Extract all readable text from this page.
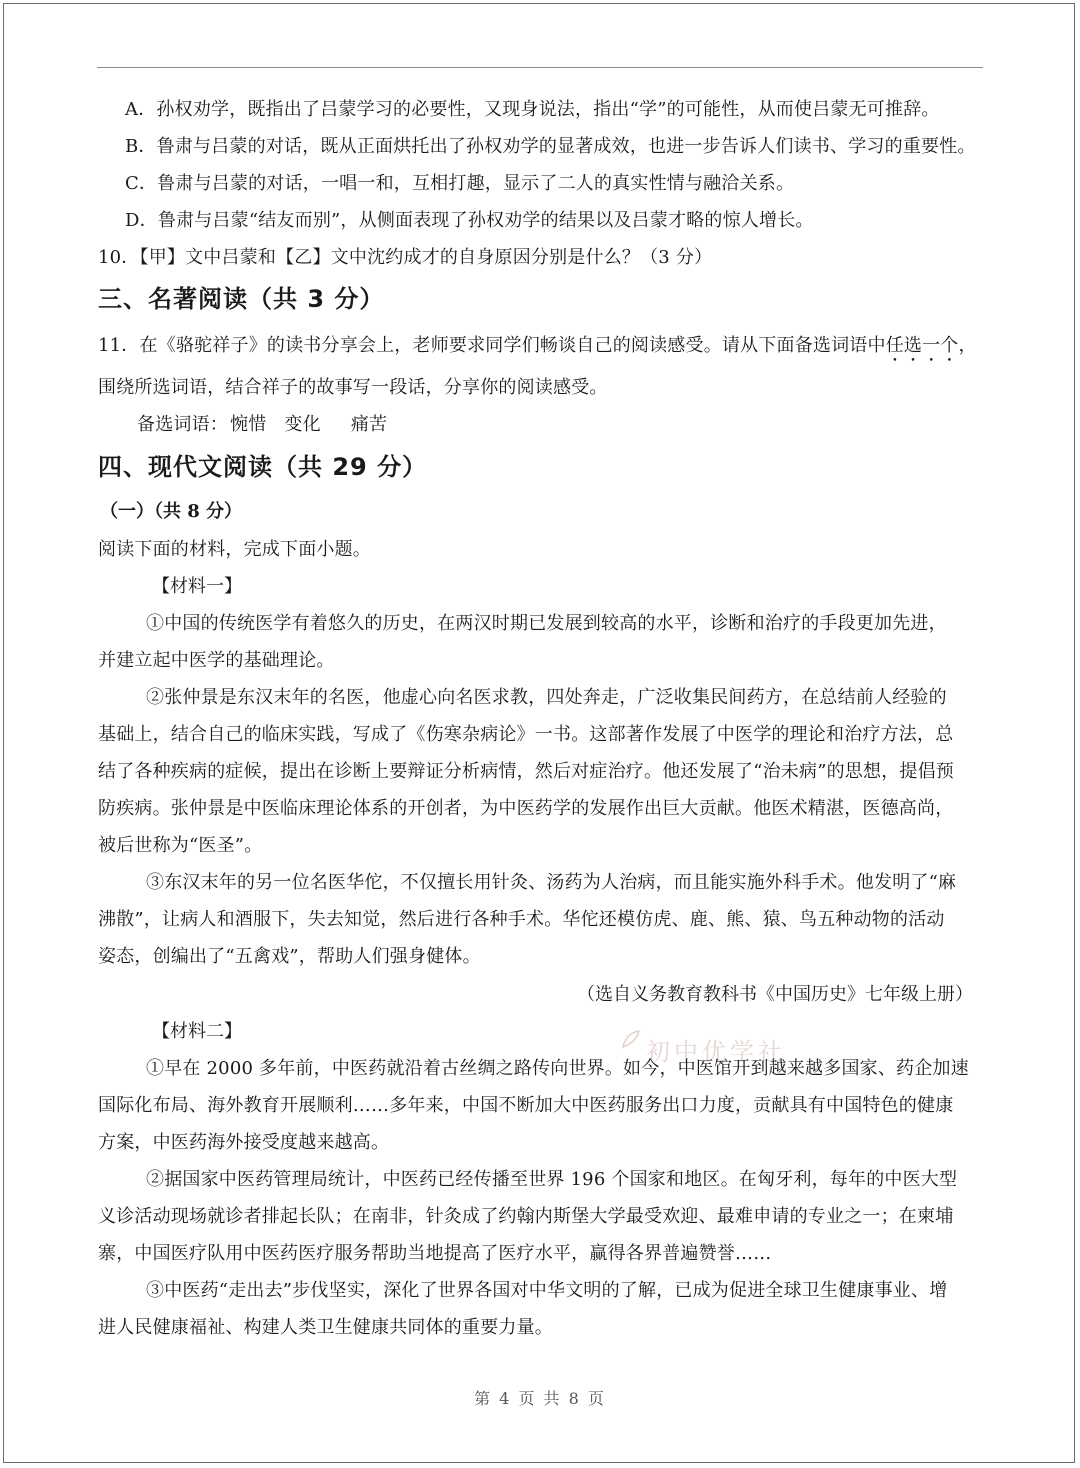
A．孙权劝学，既指出了吕蒙学习的必要性，又现身说法，指出“学”的可能性，从而使吕蒙无可推辞。
B．鲁肃与吕蒙的对话，既从正面烘托出了孙权劝学的显著成效，也进一步告诉人们读书、学习的重要性。
C．鲁肃与吕蒙的对话，一唱一和，互相打趣，显示了二人的真实性情与融洽关系。
D．鲁肃与吕蒙“结友而别”，从侧面表现了孙权劝学的结果以及吕蒙才略的惊人增长。
10．【甲】文中吕蒙和【乙】文中沈约成才的自身原因分别是什么？（3 分）
三、名著阅读（共 3 分）
11．在《骆驼祥子》的读书分享会上，老师要求同学们畅谈自己的阅读感受。请从下面备选词语中任选一个，
围绕所选词语，结合祥子的故事写一段话，分享你的阅读感受。
备选词语： 惋惜 变化 痛苦
四、现代文阅读（共 29 分）
（一）（共 8 分）
阅读下面的材料，完成下面小题。
【材料一】
①中国的传统医学有着悠久的历史，在两汉时期已发展到较高的水平，诊断和治疗的手段更加先进，
并建立起中医学的基础理论。
②张仲景是东汉末年的名医，他虚心向名医求教，四处奔走，广泛收集民间药方，在总结前人经验的
基础上，结合自己的临床实践，写成了《伤寒杂病论》一书。这部著作发展了中医学的理论和治疗方法，总
结了各种疾病的症候，提出在诊断上要辩证分析病情，然后对症治疗。他还发展了“治未病”的思想，提倡预
防疾病。张仲景是中医临床理论体系的开创者，为中医药学的发展作出巨大贡献。他医术精湛，医德高尚，
被后世称为“医圣”。
③东汉末年的另一位名医华佗，不仅擅长用针灸、汤药为人治病，而且能实施外科手术。他发明了“麻
沸散”，让病人和酒服下，失去知觉，然后进行各种手术。华佗还模仿虎、鹿、熊、猿、鸟五种动物的活动
姿态，创编出了“五禽戏”，帮助人们强身健体。
（选自义务教育教科书《中国历史》七年级上册）
【材料二】
初中优学社
①早在 2000 多年前，中医药就沿着古丝绸之路传向世界。如今，中医馆开到越来越多国家、药企加速
国际化布局、海外教育开展顺利……多年来，中国不断加大中医药服务出口力度，贡献具有中国特色的健康
方案，中医药海外接受度越来越高。
②据国家中医药管理局统计，中医药已经传播至世界 196 个国家和地区。在匈牙利，每年的中医大型
义诊活动现场就诊者排起长队；在南非，针灸成了约翰内斯堡大学最受欢迎、最难申请的专业之一；在柬埔
寨，中国医疗队用中医药医疗服务帮助当地提高了医疗水平，赢得各界普遍赞誉……
③中医药“走出去”步伐坚实，深化了世界各国对中华文明的了解，已成为促进全球卫生健康事业、增
进人民健康福祉、构建人类卫生健康共同体的重要力量。
第 4 页 共 8 页
